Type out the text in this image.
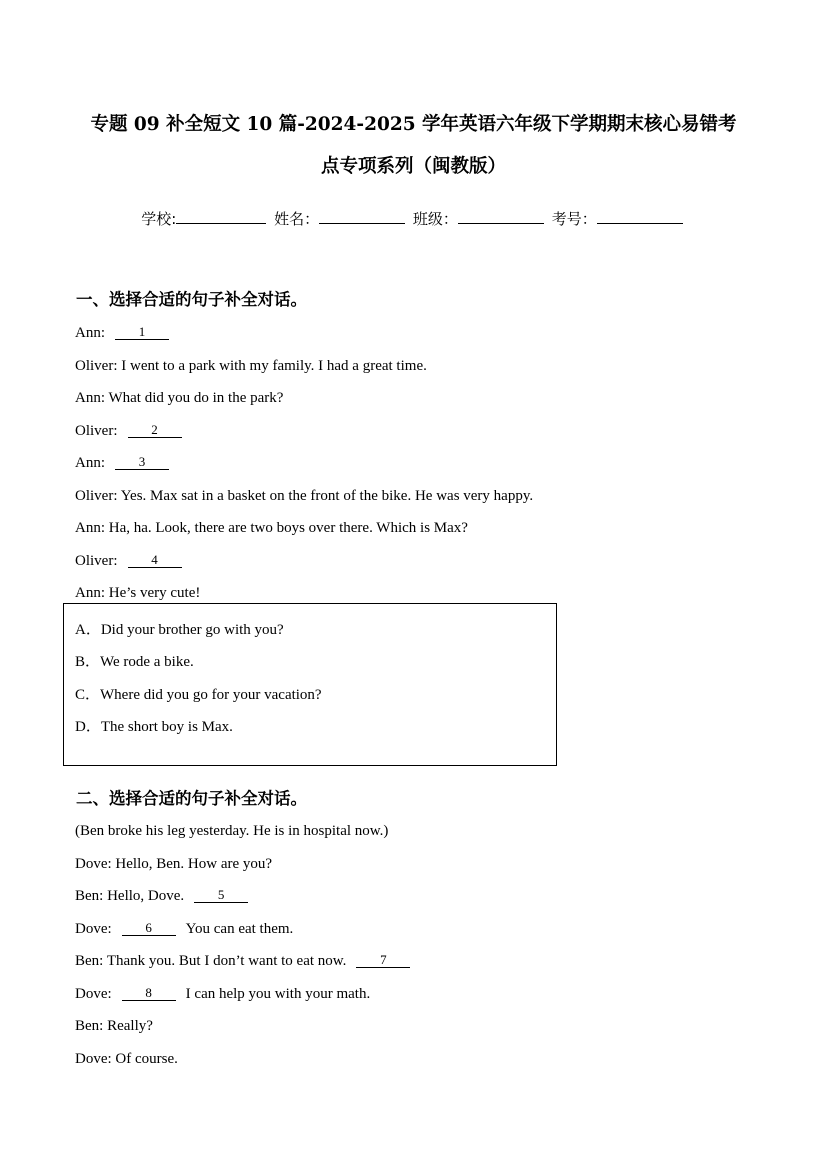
专题 09 补全短文 10 篇-2024-2025 学年英语六年级下学期期末核心易错考
点专项系列（闽教版）
学校:	姓名：	班级：	考号：
一、选择合适的句子补全对话。
Ann:	1
Oliver: I went to a park with my family. I had a great time.
Ann: What did you do in the park?
Oliver:	2
Ann:	3
Oliver: Yes. Max sat in a basket on the front of the bike. He was very happy.
Ann: Ha, ha. Look, there are two boys over there. Which is Max?
Oliver:	4
Ann: He’s very cute!
A．Did your brother go with you?
B．We rode a bike.
C．Where did you go for your vacation?
D．The short boy is Max.
二、选择合适的句子补全对话。
(Ben broke his leg yesterday. He is in hospital now.)
Dove: Hello, Ben. How are you?
Ben: Hello, Dove.	5
Dove:	6 You can eat them.
Ben: Thank you. But I don’t want to eat now.	7
Dove:	8 I can help you with your math.
Ben: Really?
Dove: Of course.
